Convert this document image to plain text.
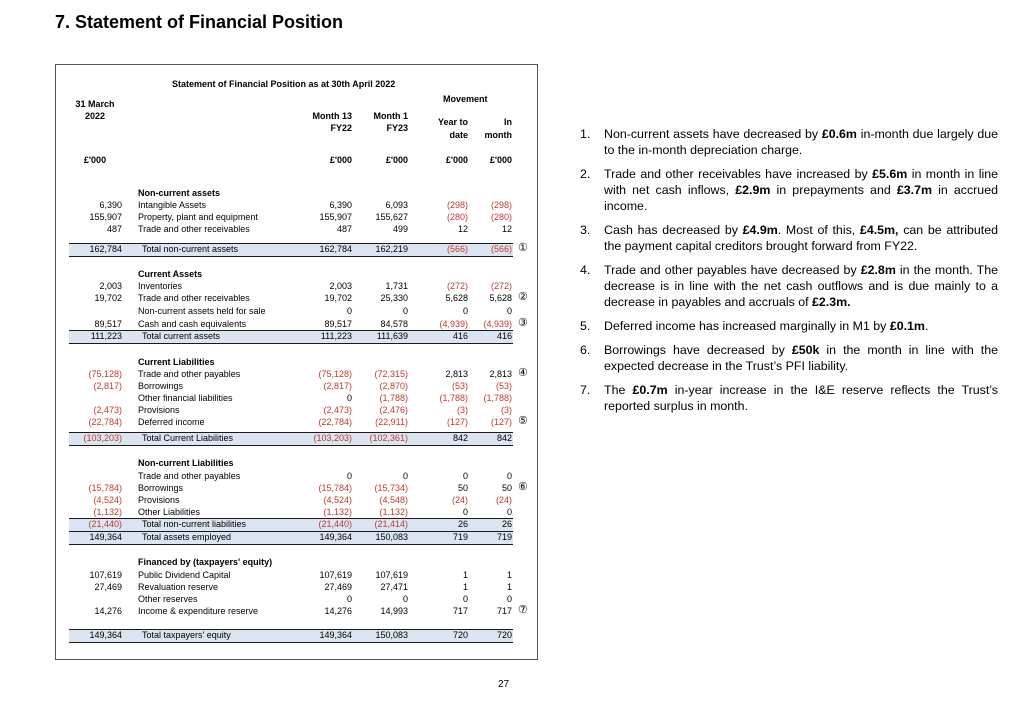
7. Statement of Financial Position
Statement of Financial Position as at 30th April 2022
Movement
31 March
2022	Month 13
FY22
Month 1
FY23
Year to
date
In
month
£'000	£'000	£'000	£'000	£'000
Non-current assets
6,390 Intangible Assets	6,390	6,093	(298)	(298)
155,907 Property, plant and equipment	155,907	155,627	(280)	(280)
487 Trade and other receivables	487	499	12	12
162,784 Total non-current assets	162,784	162,219	(566)	(566) ①
Current Assets
2,003 Inventories	2,003	1,731	(272)	(272)
19,702 Trade and other receivables	19,702	25,330	5,628	5,628 ②
Non-current assets held for sale	0	0	0	0
89,517 Cash and cash equivalents	89,517	84,578	(4,939)	(4,939) ③
111,223 Total current assets	111,223	111,639	416	416
Current Liabilities
(75,128) Trade and other payables	(75,128)	(72,315)	2,813	2,813 ④
(2,817) Borrowings	(2,817)	(2,870)	(53)	(53)
Other financial liabilities	0	(1,788)	(1,788)	(1,788)
(2,473) Provisions	(2,473)	(2,476)	(3)	(3)
(22,784) Deferred income	(22,784)	(22,911)	(127)	(127) ⑤
(103,203) Total Current Liabilities	(103,203)	(102,361)	842	842
Non-current Liabilities
Trade and other payables	0	0	0	0
(15,784) Borrowings	(15,784)	(15,734)	50	50 ⑥
(4,524) Provisions	(4,524)	(4,548)	(24)	(24)
(1,132) Other Liabilities	(1,132)	(1,132)	0	0
(21,440) Total non-current liabilities	(21,440)	(21,414)	26	26
149,364 Total assets employed	149,364	150,083	719	719
Financed by (taxpayers' equity)
107,619 Public Dividend Capital	107,619	107,619	1	1
27,469 Revaluation reserve	27,469	27,471	1	1
Other reserves	0	0	0	0
14,276 Income & expenditure reserve	14,276	14,993	717	717 ⑦
149,364 Total taxpayers' equity	149,364	150,083	720	720
1. Non-current assets have decreased by £0.6m in-month due largely due to the in-month depreciation charge.
2. Trade and other receivables have increased by £5.6m in month in line with net cash inflows, £2.9m in prepayments and £3.7m in accrued income.
3. Cash has decreased by £4.9m. Most of this, £4.5m, can be attributed the payment capital creditors brought forward from FY22.
4. Trade and other payables have decreased by £2.8m in the month. The decrease is in line with the net cash outflows and is due mainly to a decrease in payables and accruals of £2.3m.
5. Deferred income has increased marginally in M1 by £0.1m.
6. Borrowings have decreased by £50k in the month in line with the expected decrease in the Trust’s PFI liability.
7. The £0.7m in-year increase in the I&E reserve reflects the Trust’s reported surplus in month.
27
